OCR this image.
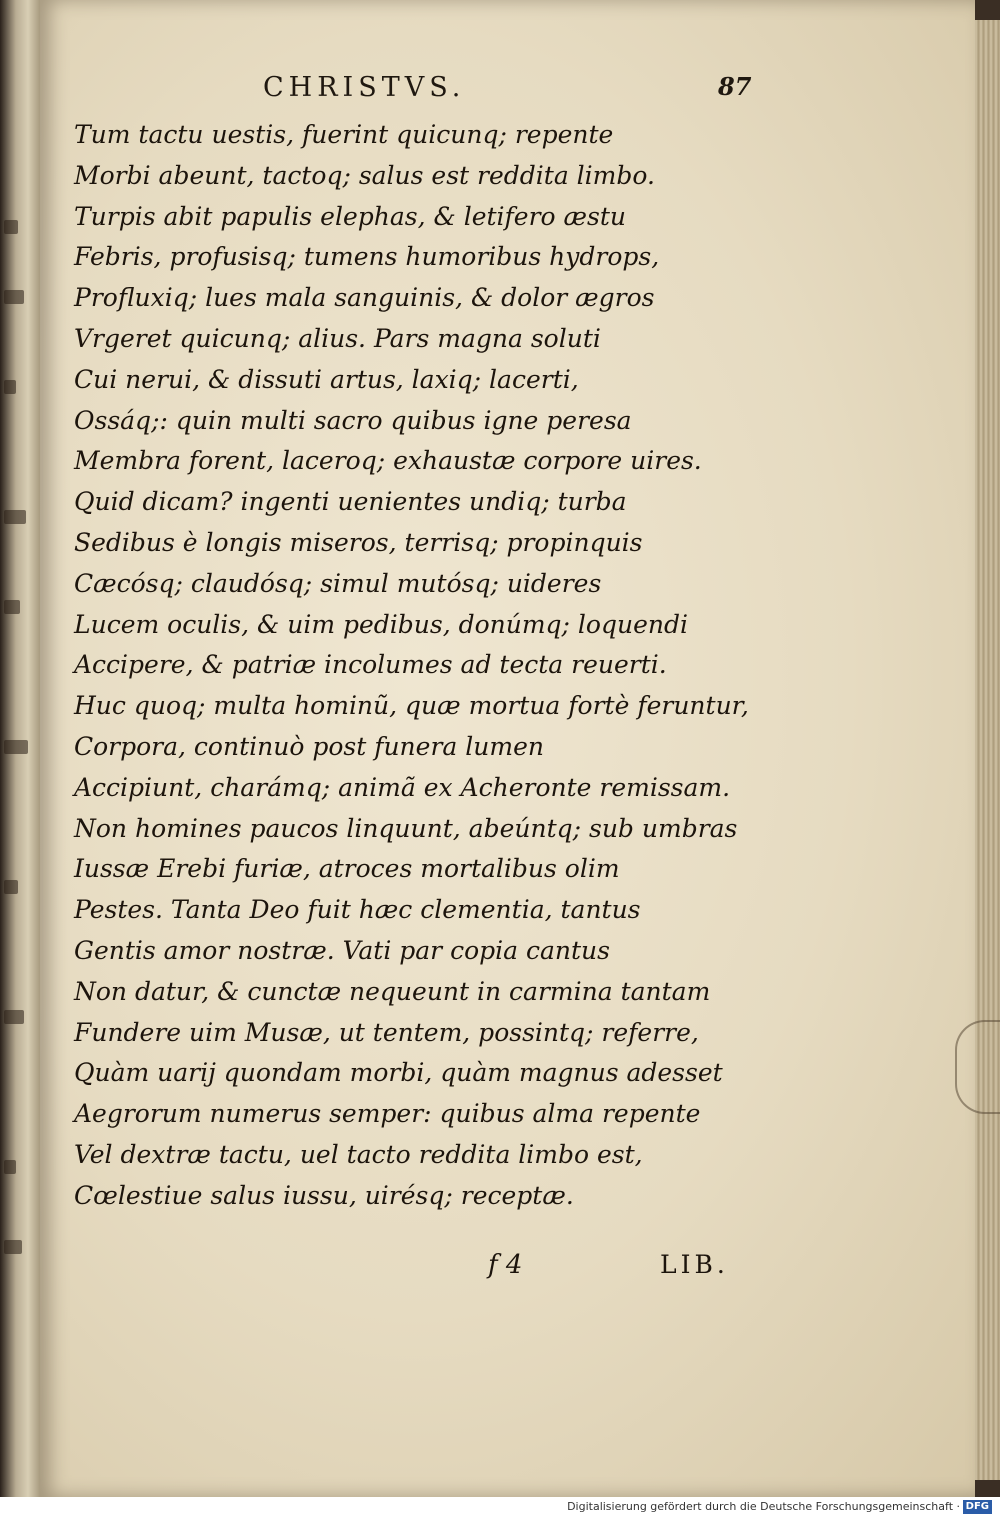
CHRISTVS.	87
Tum tactu uestis, fuerint quicunq; repente
Morbi abeunt, tactoq; salus est reddita limbo.
Turpis abit papulis elephas, & letifero æstu
Febris, profusisq; tumens humoribus hydrops,
Profluxiq; lues mala sanguinis, & dolor ægros
Vrgeret quicunq; alius. Pars magna soluti
Cui nerui, & dissuti artus, laxiq; lacerti,
Ossáq;: quin multi sacro quibus igne peresa
Membra forent, laceroq; exhaustæ corpore uires.
Quid dicam? ingenti uenientes undiq; turba
Sedibus è longis miseros, terrisq; propinquis
Cæcósq; claudósq; simul mutósq; uideres
Lucem oculis, & uim pedibus, donúmq; loquendi
Accipere, & patriæ incolumes ad tecta reuerti.
Huc quoq; multa hominũ, quæ mortua fortè feruntur,
Corpora, continuò post funera lumen
Accipiunt, charámq; animã ex Acheronte remissam.
Non homines paucos linquunt, abeúntq; sub umbras
Iussæ Erebi furiæ, atroces mortalibus olim
Pestes. Tanta Deo fuit hæc clementia, tantus
Gentis amor nostræ. Vati par copia cantus
Non datur, & cunctæ nequeunt in carmina tantam
Fundere uim Musæ, ut tentem, possintq; referre,
Quàm uarij quondam morbi, quàm magnus adesset
Aegrorum numerus semper: quibus alma repente
Vel dextræ tactu, uel tacto reddita limbo est,
Cœlestiue salus iussu, uirésq; receptæ.
f 4	LIB.
Digitalisierung gefördert durch die Deutsche Forschungsgemeinschaft · DFG
